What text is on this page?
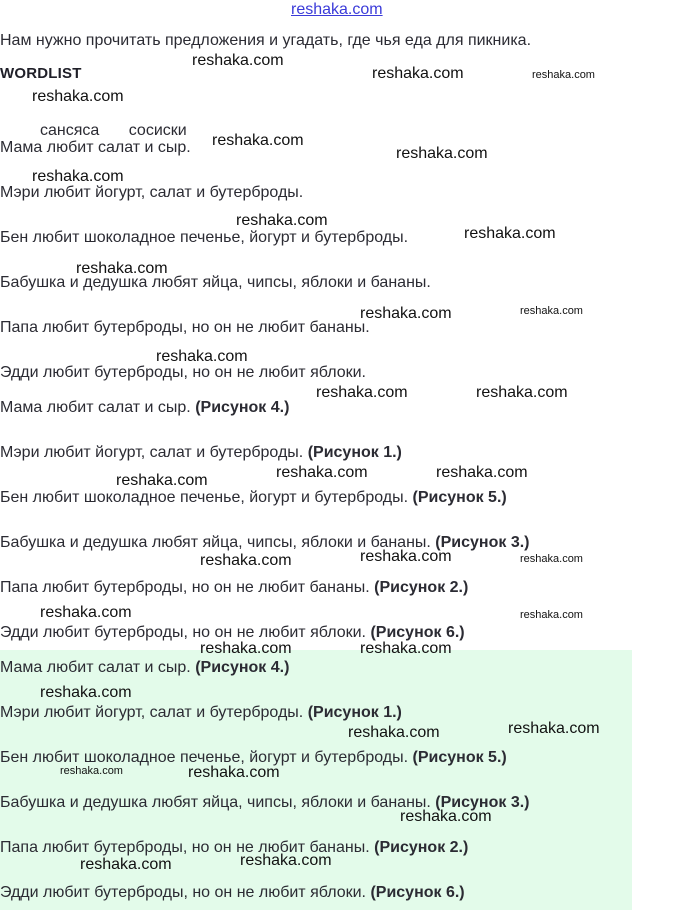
reshaka.com
Нам нужно прочитать предложения и угадать, где чья еда для пикника.
WORDLIST
сансяса сосиски
Мама любит салат и сыр.
Мэри любит йогурт, салат и бутерброды.
Бен любит шоколадное печенье, йогурт и бутерброды.
Бабушка и дедушка любят яйца, чипсы, яблоки и бананы.
Папа любит бутерброды, но он не любит бананы.
Эдди любит бутерброды, но он не любит яблоки.
Мама любит салат и сыр. (Рисунок 4.)
Мэри любит йогурт, салат и бутерброды. (Рисунок 1.)
Бен любит шоколадное печенье, йогурт и бутерброды. (Рисунок 5.)
Бабушка и дедушка любят яйца, чипсы, яблоки и бананы. (Рисунок 3.)
Папа любит бутерброды, но он не любит бананы. (Рисунок 2.)
Эдди любит бутерброды, но он не любит яблоки. (Рисунок 6.)
Мама любит салат и сыр. (Рисунок 4.)
Мэри любит йогурт, салат и бутерброды. (Рисунок 1.)
Бен любит шоколадное печенье, йогурт и бутерброды. (Рисунок 5.)
Бабушка и дедушка любят яйца, чипсы, яблоки и бананы. (Рисунок 3.)
Папа любит бутерброды, но он не любит бананы. (Рисунок 2.)
Эдди любит бутерброды, но он не любит яблоки. (Рисунок 6.)
reshaka.com
reshaka.com	reshaka.com
reshaka.com
reshaka.com
reshaka.com
reshaka.com
reshaka.com
reshaka.com
reshaka.com
reshaka.com	reshaka.com
reshaka.com
reshaka.com	reshaka.com
reshaka.com	reshaka.com
reshaka.com
reshaka.com	reshaka.com
reshaka.com
reshaka.com	reshaka.com
reshaka.com	reshaka.com
reshaka.com
reshaka.com
reshaka.com
reshaka.com	reshaka.com
reshaka.com
reshaka.com
reshaka.com
